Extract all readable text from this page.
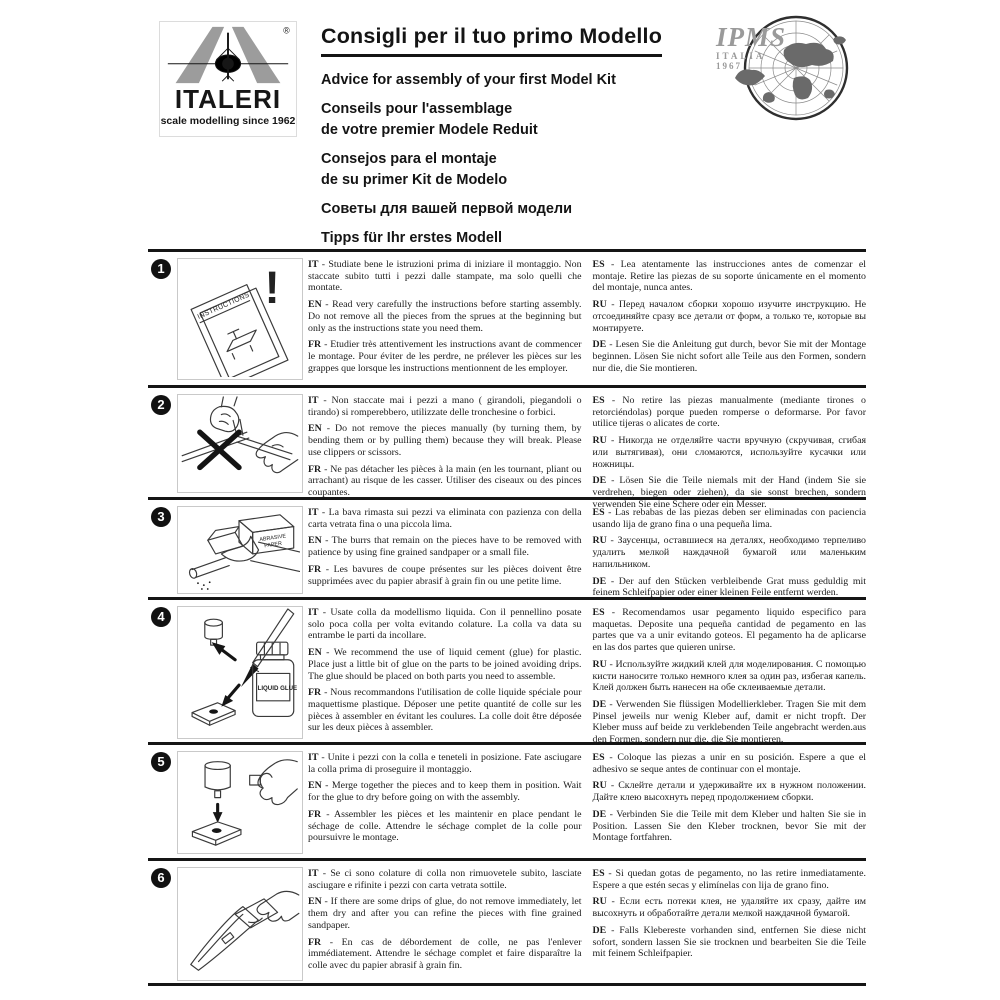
®
ITALERI
scale modelling since 1962
Consigli per il tuo primo Modello

Advice for assembly of your first Model Kit

Conseils pour l'assemblage

de votre premier Modele Reduit

Consejos para el montaje

de su primer Kit de Modelo

Советы для вашей первой модели

Tipps für Ihr erstes Modell

IPMS
ITALIA
1967
1
INSTRUCTIONS !	IT - Studiate bene le istruzioni prima di iniziare il montaggio. Non staccate subito tutti i pezzi dalle stampate, ma solo quelli che montate.

EN - Read very carefully the instructions before starting assembly. Do not remove all the pieces from the sprues at the beginning but only as the instructions state you need them.

FR - Etudier très attentivement les instructions avant de commencer le montage. Pour éviter de les perdre, ne prélever les pièces sur les grappes que lorsque les instructions mentionnent de les employer.

ES - Lea atentamente las instrucciones antes de comenzar el montaje. Retire las piezas de su soporte únicamente en el momento del montaje, nunca antes.

RU - Перед началом сборки хорошо изучите инструкцию. Не отсоединяйте сразу все детали от форм, а только те, которые вы монтируете.

DE - Lesen Sie die Anleitung gut durch, bevor Sie mit der Montage beginnen. Lösen Sie nicht sofort alle Teile aus den Formen, sondern nur die, die Sie montieren.

2	IT - Non staccate mai i pezzi a mano ( girandoli, piegandoli o tirando) si romperebbero, utilizzate delle tronchesine o forbici.

EN - Do not remove the pieces manually (by turning them, by bending them or by pulling them) because they will break. Please use clippers or scissors.

FR - Ne pas détacher les pièces à la main (en les tournant, pliant ou arrachant) au risque de les casser. Utiliser des ciseaux ou des pinces coupantes.

ES - No retire las piezas manualmente (mediante tirones o retorciéndolas) porque pueden romperse o deformarse. Por favor utilice tijeras o alicates de corte.

RU - Никогда не отделяйте части вручную (скручивая, сгибая или вытягивая), они сломаются, используйте кусачки или ножницы.

DE - Lösen Sie die Teile niemals mit der Hand (indem Sie sie verdrehen, biegen oder ziehen), da sie sonst brechen, sondern verwenden Sie eine Schere oder ein Messer.

3
ABRASIVE
PAPER

IT - La bava rimasta sui pezzi va eliminata con pazienza con della carta vetrata fina o una piccola lima.

EN - The burrs that remain on the pieces have to be removed with patience by using fine grained sandpaper or a small file.

FR - Les bavures de coupe présentes sur les pièces doivent être supprimées avec du papier abrasif à grain fin ou une petite lime.

ES - Las rebabas de las piezas deben ser eliminadas con paciencia usando lija de grano fina o una pequeña lima.

RU - Заусенцы, оставшиеся на деталях, необходимо терпеливо удалить мелкой наждачной бумагой или маленьким напильником.

DE - Der auf den Stücken verbleibende Grat muss geduldig mit feinem Schleifpapier oder einer kleinen Feile entfernt werden.

4
LIQUID GLUE

IT - Usate colla da modellismo liquida. Con il pennellino posate solo poca colla per volta evitando colature. La colla va data su entrambe le parti da incollare.

EN - We recommend the use of liquid cement (glue) for plastic. Place just a little bit of glue on the parts to be joined avoiding drips. The glue should be placed on both parts you need to assemble.

FR - Nous recommandons l'utilisation de colle liquide spéciale pour maquettisme plastique. Déposer une petite quantité de colle sur les pièces à assembler en évitant les coulures. La colle doit être déposée sur les deux pièces à assembler.

ES - Recomendamos usar pegamento liquido especifico para maquetas. Deposite una pequeña cantidad de pegamento en las partes que va a unir evitando goteos. El pegamento ha de aplicarse en las dos partes que quieren unirse.

RU - Используйте жидкий клей для моделирования. С помощью кисти наносите только немного клея за один раз, избегая капель. Клей должен быть нанесен на обе склеиваемые детали.

DE - Verwenden Sie flüssigen Modellierkleber. Tragen Sie mit dem Pinsel jeweils nur wenig Kleber auf, damit er nicht tropft. Der Kleber muss auf beide zu verklebenden Teile angebracht werden.aus den Formen, sondern nur die, die Sie montieren.

5	IT - Unite i pezzi con la colla e teneteli in posizione. Fate asciugare la colla prima di proseguire il montaggio.

EN - Merge together the pieces and to keep them in position. Wait for the glue to dry before going on with the assembly.

FR - Assembler les pièces et les maintenir en place pendant le séchage de colle. Attendre le séchage complet de la colle pour poursuivre le montage.

ES - Coloque las piezas a unir en su posición. Espere a que el adhesivo se seque antes de continuar con el montaje.

RU - Склейте детали и удерживайте их в нужном положении. Дайте клею высохнуть перед продолжением сборки.

DE - Verbinden Sie die Teile mit dem Kleber und halten Sie sie in Position. Lassen Sie den Kleber trocknen, bevor Sie mit der Montage fortfahren.

6	IT - Se ci sono colature di colla non rimuovetele subito, lasciate asciugare e rifinite i pezzi con carta vetrata sottile.

EN - If there are some drips of glue, do not remove immediately, let them dry and after you can refine the pieces with fine grained sandpaper.

FR - En cas de débordement de colle, ne pas l'enlever immédiatement. Attendre le séchage complet et faire disparaître la colle avec du papier abrasif à grain fin.

ES - Si quedan gotas de pegamento, no las retire inmediatamente. Espere a que estén secas y elimínelas con lija de grano fino.

RU - Если есть потеки клея, не удаляйте их сразу, дайте им высохнуть и обработайте детали мелкой наждачной бумагой.

DE - Falls Klebereste vorhanden sind, entfernen Sie diese nicht sofort, sondern lassen Sie sie trocknen und bearbeiten Sie die Teile mit feinem Schleifpapier.
